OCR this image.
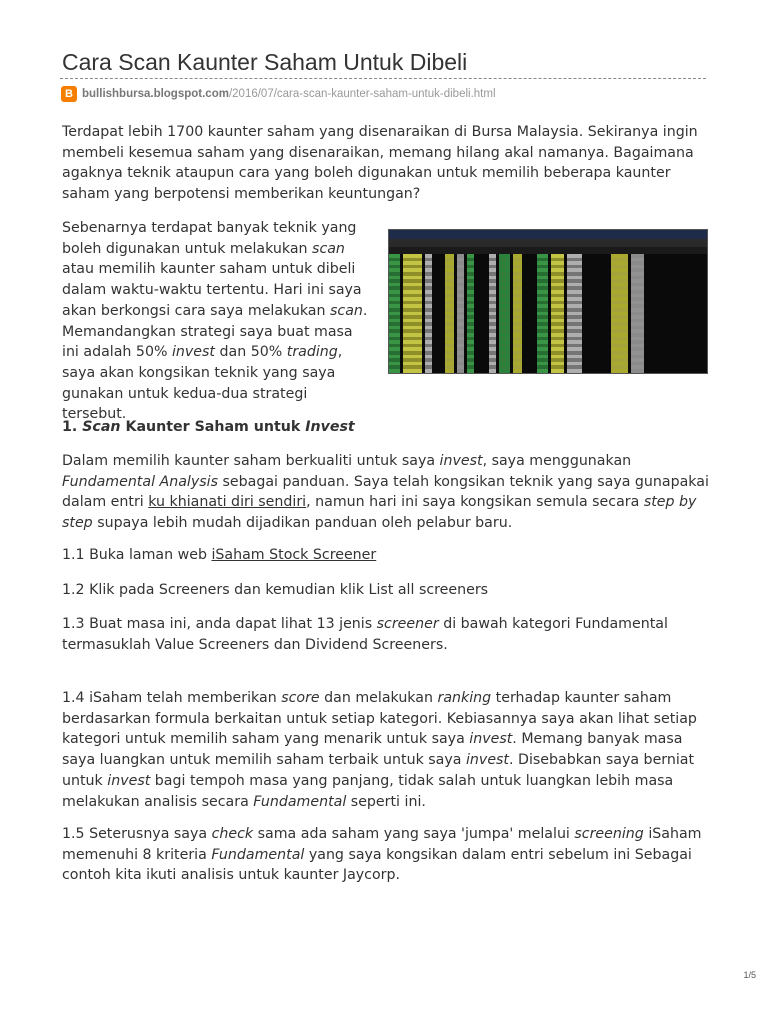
Cara Scan Kaunter Saham Untuk Dibeli
B bullishbursa.blogspot.com /2016/07/cara-scan-kaunter-saham-untuk-dibeli.html

Terdapat lebih 1700 kaunter saham yang disenaraikan di Bursa Malaysia. Sekiranya ingin membeli kesemua saham yang disenaraikan, memang hilang akal namanya. Bagaimana agaknya teknik ataupun cara yang boleh digunakan untuk memilih beberapa kaunter saham yang berpotensi memberikan keuntungan?

Sebenarnya terdapat banyak teknik yang boleh digunakan untuk melakukan scan atau memilih kaunter saham untuk dibeli dalam waktu-waktu tertentu. Hari ini saya akan berkongsi cara saya melakukan scan. Memandangkan strategi saya buat masa ini adalah 50% invest dan 50% trading, saya akan kongsikan teknik yang saya gunakan untuk kedua-dua strategi tersebut.

1. Scan Kaunter Saham untuk Invest

Dalam memilih kaunter saham berkualiti untuk saya invest, saya menggunakan Fundamental Analysis sebagai panduan. Saya telah kongsikan teknik yang saya gunapakai dalam entri ku khianati diri sendiri, namun hari ini saya kongsikan semula secara step by step supaya lebih mudah dijadikan panduan oleh pelabur baru.

1.1 Buka laman web iSaham Stock Screener

1.2 Klik pada Screeners dan kemudian klik List all screeners

1.3 Buat masa ini, anda dapat lihat 13 jenis screener di bawah kategori Fundamental termasuklah Value Screeners dan Dividend Screeners.

1.4 iSaham telah memberikan score dan melakukan ranking terhadap kaunter saham berdasarkan formula berkaitan untuk setiap kategori. Kebiasannya saya akan lihat setiap kategori untuk memilih saham yang menarik untuk saya invest. Memang banyak masa saya luangkan untuk memilih saham terbaik untuk saya invest. Disebabkan saya berniat untuk invest bagi tempoh masa yang panjang, tidak salah untuk luangkan lebih masa melakukan analisis secara Fundamental seperti ini.

1.5 Seterusnya saya check sama ada saham yang saya 'jumpa' melalui screening iSaham memenuhi 8 kriteria Fundamental yang saya kongsikan dalam entri sebelum ini Sebagai contoh kita ikuti analisis untuk kaunter Jaycorp.

1/5
